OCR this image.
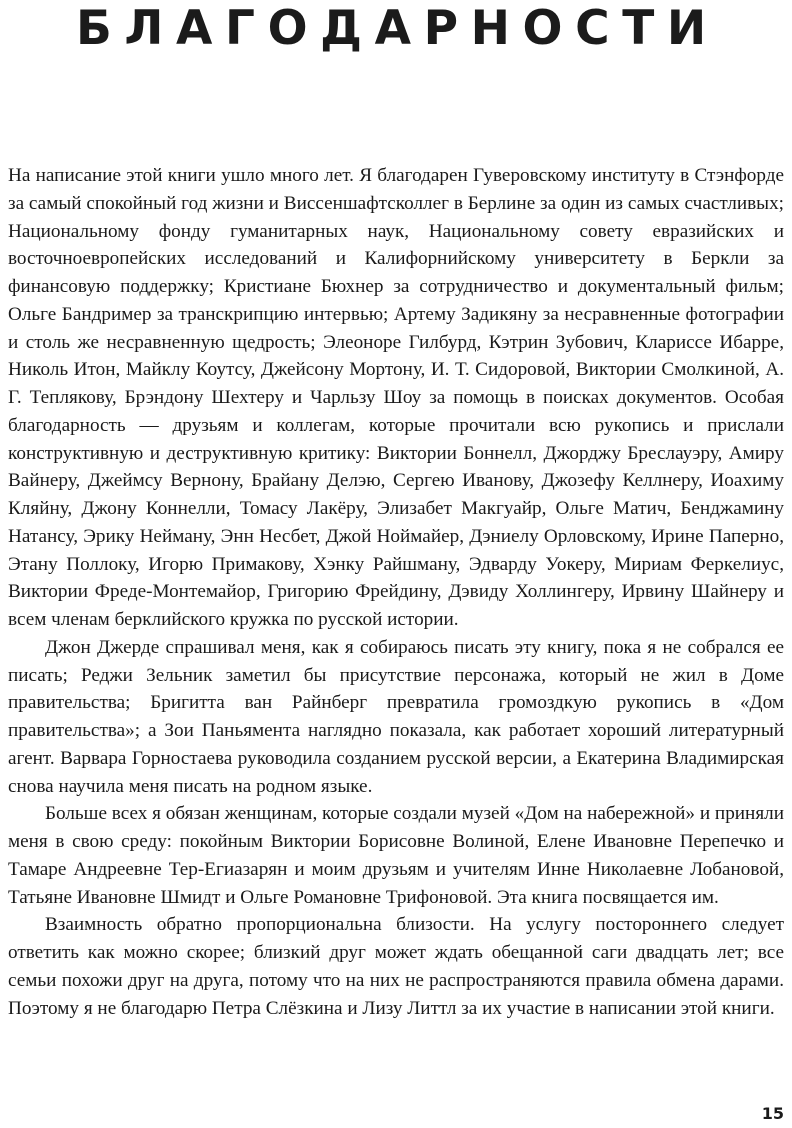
БЛАГОДАРНОСТИ

На написание этой книги ушло много лет. Я благодарен Гуверовскому институту в Стэнфорде за самый спокойный год жизни и Виссеншафтсколлег в Берлине за один из самых счастливых; Национальному фонду гуманитарных наук, Национальному совету евразийских и восточноевропейских исследований и Калифорнийскому университету в Беркли за финансовую поддержку; Кристиане Бюхнер за сотрудничество и документальный фильм; Ольге Бандример за транскрипцию интервью; Артему Задикяну за несравненные фотографии и столь же несравненную щедрость; Элеоноре Гилбурд, Кэтрин Зубович, Клариссе Ибарре, Николь Итон, Майклу Коутсу, Джейсону Мортону, И. Т. Сидоровой, Виктории Смолкиной, А. Г. Теплякову, Брэндону Шехтеру и Чарльзу Шоу за помощь в поисках документов. Особая благодарность — друзьям и коллегам, которые прочитали всю рукопись и прислали конструктивную и деструктивную критику: Виктории Боннелл, Джорджу Бреслауэру, Амиру Вайнеру, Джеймсу Вернону, Брайану Делэю, Сергею Иванову, Джозефу Келлнеру, Иоахиму Кляйну, Джону Коннелли, Томасу Лакёру, Элизабет Макгуайр, Ольге Матич, Бенджамину Натансу, Эрику Нейману, Энн Несбет, Джой Ноймайер, Дэниелу Орловскому, Ирине Паперно, Этану Поллоку, Игорю Примакову, Хэнку Райшману, Эдварду Уокеру, Мириам Феркелиус, Виктории Фреде-Монтемайор, Григорию Фрейдину, Дэвиду Холлингеру, Ирвину Шайнеру и всем членам берклийского кружка по русской истории.

Джон Джерде спрашивал меня, как я собираюсь писать эту книгу, пока я не собрался ее писать; Реджи Зельник заметил бы присутствие персонажа, который не жил в Доме правительства; Бригитта ван Райнберг превратила громоздкую рукопись в «Дом правительства»; а Зои Паньямента наглядно показала, как работает хороший литературный агент. Варвара Горностаева руководила созданием русской версии, а Екатерина Владимирская снова научила меня писать на родном языке.

Больше всех я обязан женщинам, которые создали музей «Дом на набережной» и приняли меня в свою среду: покойным Виктории Борисовне Волиной, Елене Ивановне Перепечко и Тамаре Андреевне Тер-Егиазарян и моим друзьям и учителям Инне Николаевне Лобановой, Татьяне Ивановне Шмидт и Ольге Романовне Трифоновой. Эта книга посвящается им.

Взаимность обратно пропорциональна близости. На услугу постороннего следует ответить как можно скорее; близкий друг может ждать обещанной саги двадцать лет; все семьи похожи друг на друга, потому что на них не распространяются правила обмена дарами. Поэтому я не благодарю Петра Слёзкина и Лизу Литтл за их участие в написании этой книги.

15
